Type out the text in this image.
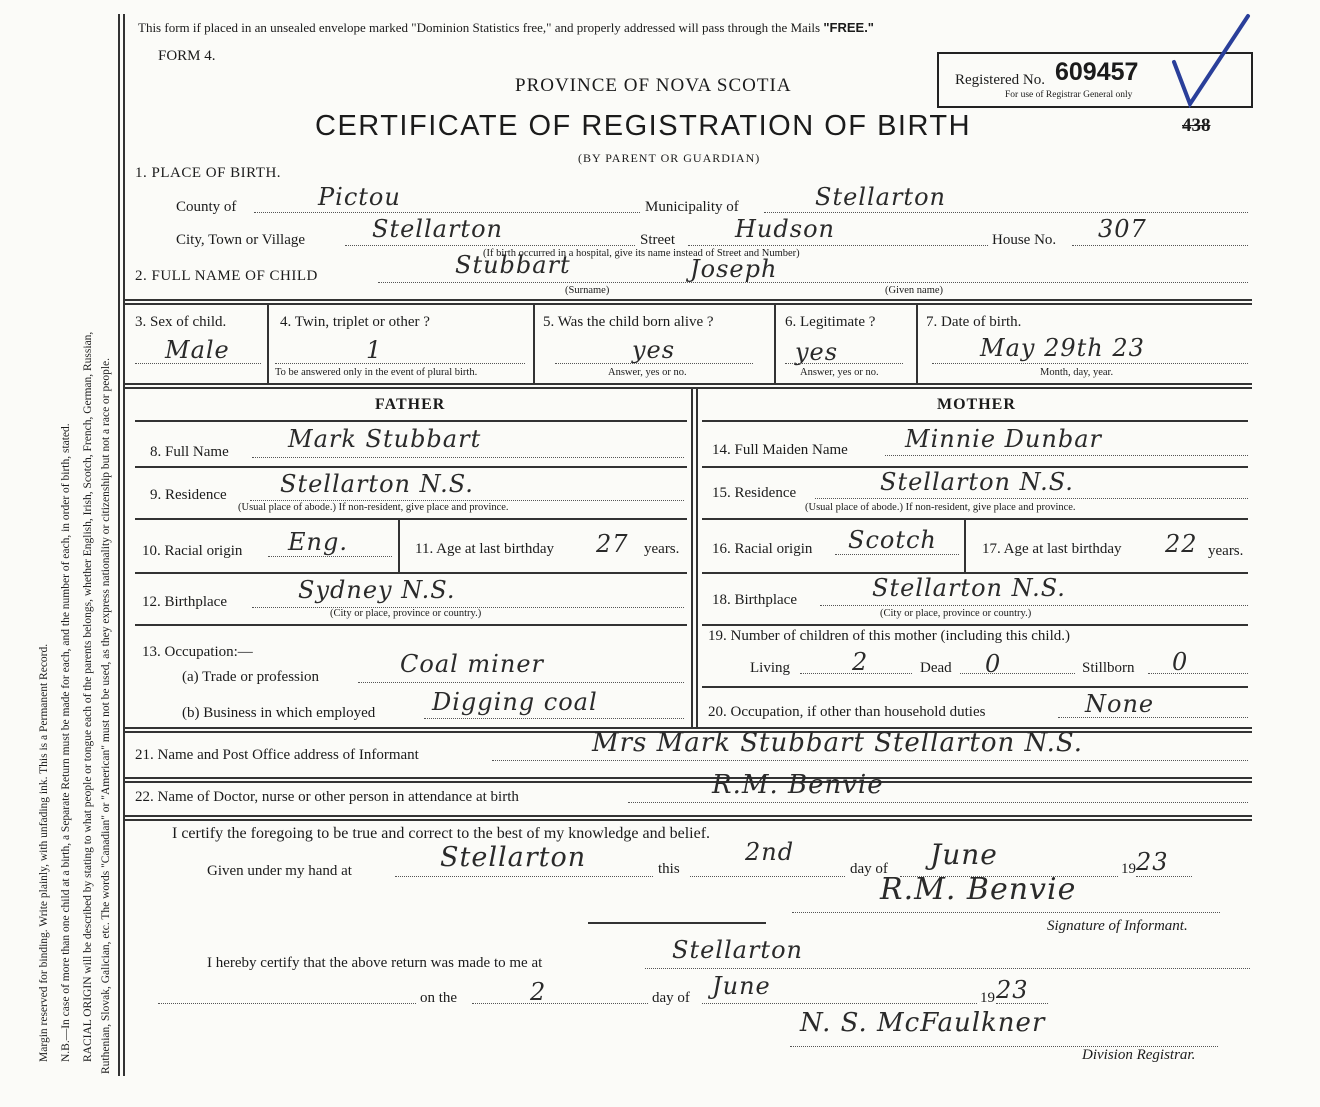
Margin reserved for binding. Write plainly, with unfading ink. This is a Permanent Record. N.B.—In case of more than one child at a birth, a Separate Return must be made for each, and the number of each, in order of birth, stated. RACIAL ORIGIN will be described by stating to what people or tongue each of the parents belongs, whether English, Irish, Scotch, French, German, Russian, Ruthenian, Slovak, Galician, etc. The words "Canadian" or "American" must not be used, as they express nationality or citizenship but not a race or people.
This form if placed in an unsealed envelope marked "Dominion Statistics free," and properly addressed will pass through the Mails "FREE."
FORM 4.
PROVINCE OF NOVA SCOTIA
CERTIFICATE OF REGISTRATION OF BIRTH
(BY PARENT OR GUARDIAN)
Registered No. 609457
For use of Registrar General only
438
1. PLACE OF BIRTH.
County of	Pictou	Municipality of	Stellarton
City, Town or Village	Stellarton	Street	Hudson	House No. 307
(If birth occurred in a hospital, give its name instead of Street and Number)
2. FULL NAME OF CHILD	Stubbart	Joseph
(Surname)	(Given name)
3. Sex of child.
Male
4. Twin, triplet or other ?
1
To be answered only in the event of plural birth.
5. Was the child born alive ?
yes
Answer, yes or no.
6. Legitimate ?
yes
Answer, yes or no.
7. Date of birth.
May 29th 23
Month, day, year.
FATHER	MOTHER
8. Full Name Mark Stubbart
9. Residence Stellarton N.S.
(Usual place of abode.) If non-resident, give place and province.
10. Racial origin Eng.	11. Age at last birthday 27 years.
12. Birthplace	Sydney N.S.
(City or place, province or country.)
13. Occupation:—
(a) Trade or profession	Coal miner
(b) Business in which employed Digging coal
14. Full Maiden Name Minnie Dunbar
15. Residence	Stellarton N.S.
(Usual place of abode.) If non-resident, give place and province.
16. Racial origin Scotch	17. Age at last birthday 22 years.
18. Birthplace	Stellarton N.S.
(City or place, province or country.)
19. Number of children of this mother (including this child.)
Living	2	Dead 0	Stillborn 0
20. Occupation, if other than household duties	None
21. Name and Post Office address of Informant	Mrs Mark Stubbart Stellarton N.S.
22. Name of Doctor, nurse or other person in attendance at birth	R.M. Benvie
I certify the foregoing to be true and correct to the best of my knowledge and belief.
Given under my hand at	Stellarton	this
2nd
day of June	19 23
R.M. Benvie
Signature of Informant.
I hereby certify that the above return was made to me at	Stellarton
on the	2	day of June	19 23
N. S. McFaulkner
Division Registrar.
